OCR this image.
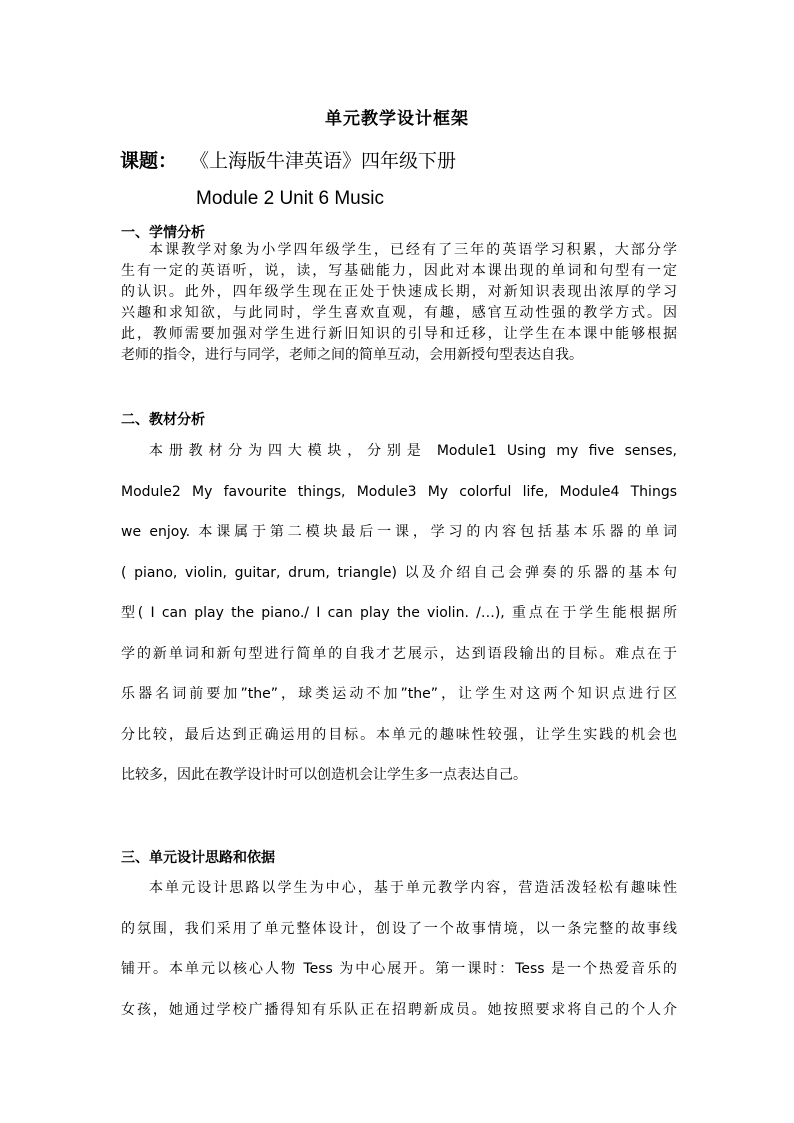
单元教学设计框架
课题： 《上海版牛津英语》四年级下册
Module 2 Unit 6 Music
一、学情分析
本课教学对象为小学四年级学生，已经有了三年的英语学习积累，大部分学
生有一定的英语听，说，读，写基础能力，因此对本课出现的单词和句型有一定
的认识。此外，四年级学生现在正处于快速成长期，对新知识表现出浓厚的学习
兴趣和求知欲，与此同时，学生喜欢直观，有趣，感官互动性强的教学方式。因
此，教师需要加强对学生进行新旧知识的引导和迁移，让学生在本课中能够根据
老师的指令，进行与同学，老师之间的简单互动，会用新授句型表达自我。
二、教材分析
本册教材分为四大模块，分别是 Module1 Using my five senses,
Module2 My favourite things, Module3 My colorful life, Module4 Things
we enjoy. 本课属于第二模块最后一课，学习的内容包括基本乐器的单词
( piano, violin, guitar, drum, triangle) 以及介绍自己会弹奏的乐器的基本句
型( I can play the piano./ I can play the violin. /…), 重点在于学生能根据所
学的新单词和新句型进行简单的自我才艺展示，达到语段输出的目标。难点在于
乐器名词前要加”the”，球类运动不加”the”，让学生对这两个知识点进行区
分比较，最后达到正确运用的目标。本单元的趣味性较强，让学生实践的机会也
比较多，因此在教学设计时可以创造机会让学生多一点表达自己。
三、单元设计思路和依据
本单元设计思路以学生为中心，基于单元教学内容，营造活泼轻松有趣味性
的氛围，我们采用了单元整体设计，创设了一个故事情境，以一条完整的故事线
铺开。本单元以核心人物 Tess 为中心展开。第一课时：Tess 是一个热爱音乐的
女孩，她通过学校广播得知有乐队正在招聘新成员。她按照要求将自己的个人介
